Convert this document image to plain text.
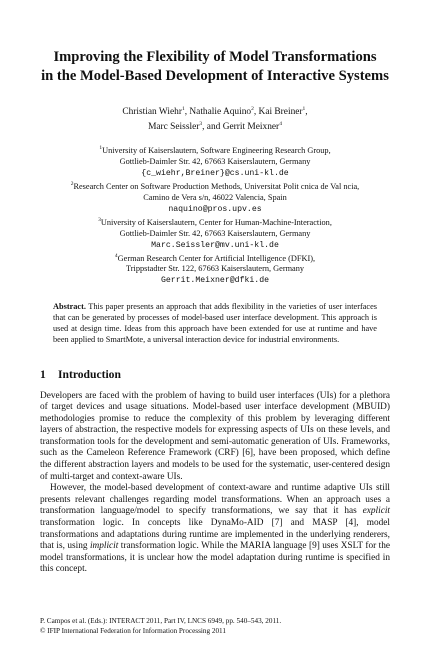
Improving the Flexibility of Model Transformations
in the Model-Based Development of Interactive Systems
Christian Wiehr$^1$, Nathalie Aquino$^2$, Kai Breiner$^1$,
Marc Seissler$^3$, and Gerrit Meixner$^4$
$^1$University of Kaiserslautern, Software Engineering Research Group,
Gottlieb-Daimler Str. 42, 67663 Kaiserslautern, Germany
{c_wiehr,Breiner}@cs.uni-kl.de
$^2$Research Center on Software Production Methods, Universitat Polit cnica de Val ncia,
Camino de Vera s/n, 46022 Valencia, Spain
naquino@pros.upv.es
$^3$University of Kaiserslautern, Center for Human-Machine-Interaction,
Gottlieb-Daimler Str. 42, 67663 Kaiserslautern, Germany
Marc.Seissler@mv.uni-kl.de
$^4$German Research Center for Artificial Intelligence (DFKI),
Trippstadter Str. 122, 67663 Kaiserslautern, Germany
Gerrit.Meixner@dfki.de

Abstract. This paper presents an approach that adds flexibility in the varieties of user interfaces that can be generated by processes of model-based user interface development. This approach is used at design time. Ideas from this approach have been extended for use at runtime and have been applied to SmartMote, a universal interaction device for industrial environments.

1 Introduction

Developers are faced with the problem of having to build user interfaces (UIs) for a plethora of target devices and usage situations. Model-based user interface development (MBUID) methodologies promise to reduce the complexity of this problem by leveraging different layers of abstraction, the respective models for expressing aspects of UIs on these levels, and transformation tools for the development and semi-automatic generation of UIs. Frameworks, such as the Cameleon Reference Framework (CRF) [6], have been proposed, which define the different abstraction layers and models to be used for the systematic, user-centered design of multi-target and context-aware UIs.

However, the model-based development of context-aware and runtime adaptive UIs still presents relevant challenges regarding model transformations. When an approach uses a transformation language/model to specify transformations, we say that it has explicit transformation logic. In concepts like DynaMo-AID [7] and MASP [4], model transformations and adaptations during runtime are implemented in the underlying renderers, that is, using implicit transformation logic. While the MARIA language [9] uses XSLT for the model transformations, it is unclear how the model adaptation during runtime is specified in this concept.

P. Campos et al. (Eds.): INTERACT 2011, Part IV, LNCS 6949, pp. 540–543, 2011.
© IFIP International Federation for Information Processing 2011
